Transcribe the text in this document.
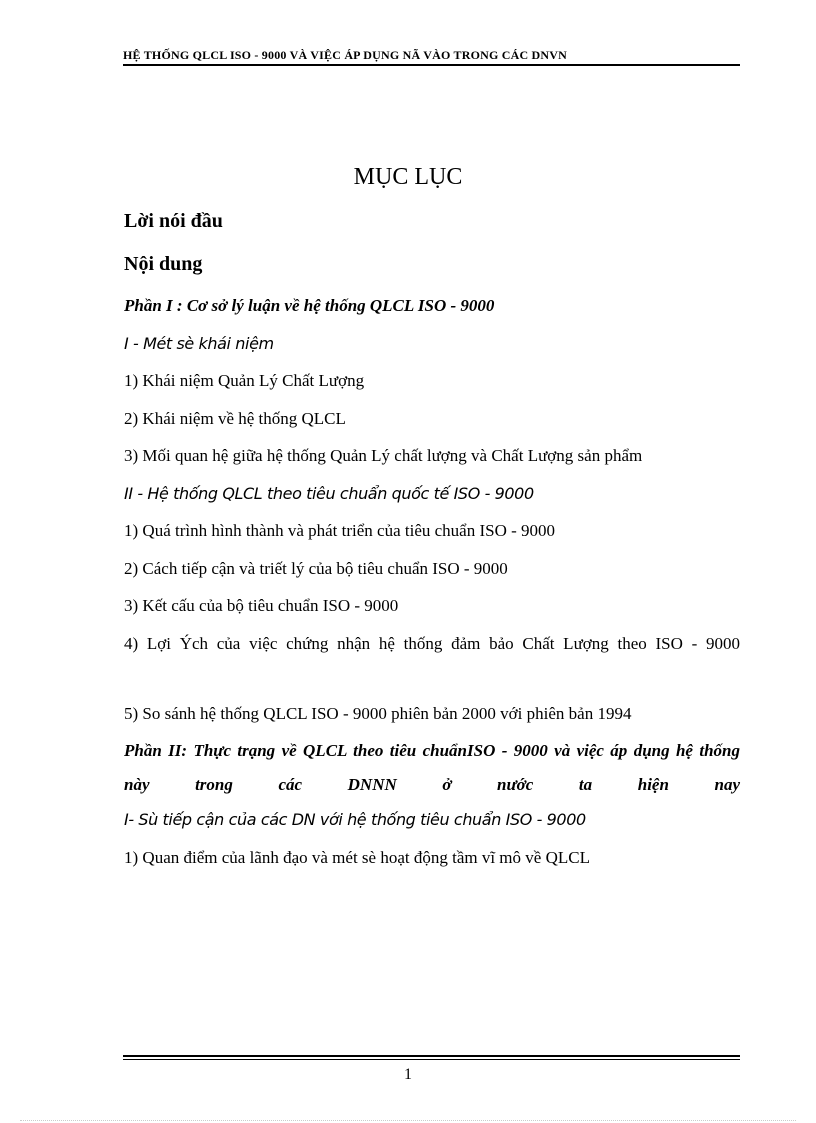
HỆ THỐNG QLCL ISO - 9000 VÀ VIỆC ÁP DỤNG NÃ VÀO TRONG CÁC DNVN
MỤC LỤC
Lời nói đầu
Nội dung
Phần I : Cơ sở lý luận về hệ thống QLCL ISO - 9000
I - Mét sè khái niệm
1) Khái niệm Quản Lý Chất Lượng
2) Khái niệm về hệ thống QLCL
3) Mối quan hệ giữa hệ thống Quản Lý chất lượng và Chất Lượng sản phẩm
II - Hệ thống QLCL theo tiêu chuẩn quốc tế ISO - 9000
1) Quá trình hình thành và phát triển của tiêu chuẩn ISO - 9000
2) Cách tiếp cận và triết lý của bộ tiêu chuẩn ISO - 9000
3) Kết cấu của bộ tiêu chuẩn ISO - 9000
4) Lợi Ých của việc chứng nhận hệ thống đảm bảo Chất Lượng theo ISO - 9000
5) So sánh hệ thống QLCL ISO - 9000 phiên bản 2000 với phiên bản 1994
Phần II: Thực trạng về QLCL theo tiêu chuẩnISO - 9000 và việc áp dụng hệ thống này trong các DNNN ở nước ta hiện nay
I- Sù tiếp cận của các DN với hệ thống tiêu chuẩn ISO - 9000
1) Quan điểm của lãnh đạo và mét sè hoạt động tầm vĩ mô về QLCL
1
